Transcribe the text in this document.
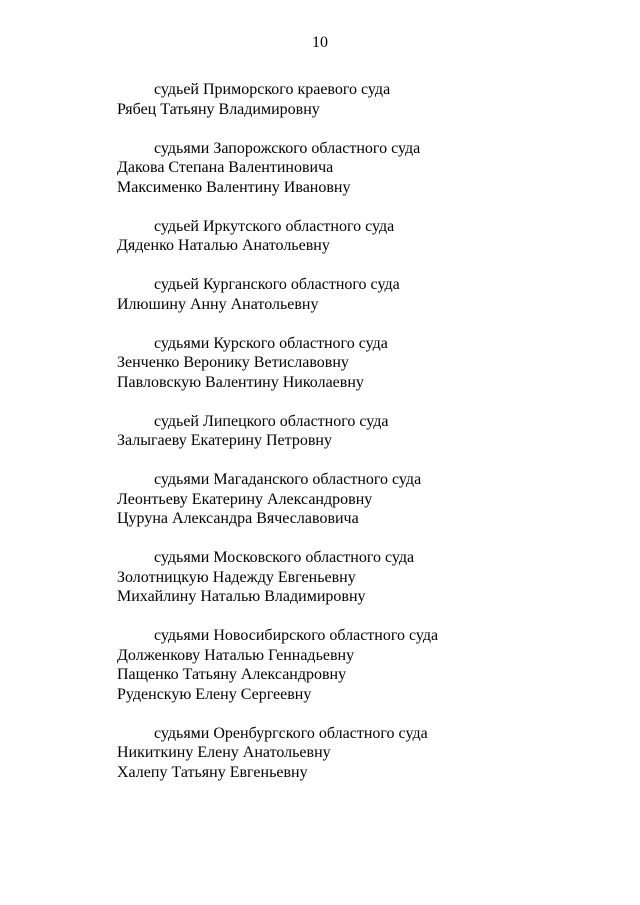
10
судьей Приморского краевого суда
Рябец Татьяну Владимировну
судьями Запорожского областного суда
Дакова Степана Валентиновича
Максименко Валентину Ивановну
судьей Иркутского областного суда
Дяденко Наталью Анатольевну
судьей Курганского областного суда
Илюшину Анну Анатольевну
судьями Курского областного суда
Зенченко Веронику Ветиславовну
Павловскую Валентину Николаевну
судьей Липецкого областного суда
Залыгаеву Екатерину Петровну
судьями Магаданского областного суда
Леонтьеву Екатерину Александровну
Цуруна Александра Вячеславовича
судьями Московского областного суда
Золотницкую Надежду Евгеньевну
Михайлину Наталью Владимировну
судьями Новосибирского областного суда
Долженкову Наталью Геннадьевну
Пащенко Татьяну Александровну
Руденскую Елену Сергеевну
судьями Оренбургского областного суда
Никиткину Елену Анатольевну
Халепу Татьяну Евгеньевну
